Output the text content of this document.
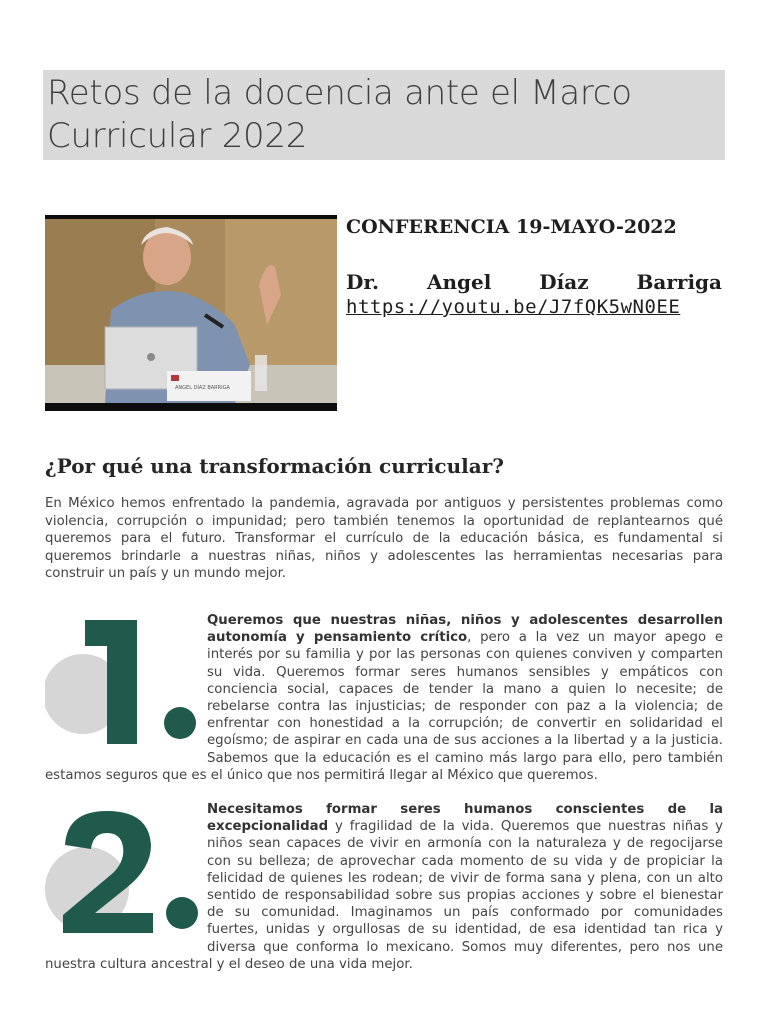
Retos de la docencia ante el Marco Curricular 2022
ANGEL DÍAZ BARRIGA
CONFERENCIA 19-MAYO-2022
Dr. Angel Díaz Barriga
https://youtu.be/J7fQK5wN0EE
¿Por qué una transformación curricular?

En México hemos enfrentado la pandemia, agravada por antiguos y persistentes problemas como violencia, corrupción o impunidad; pero también tenemos la oportunidad de replantearnos qué queremos para el futuro. Transformar el currículo de la educación básica, es fundamental si queremos brindarle a nuestras niñas, niños y adolescentes las herramientas necesarias para construir un país y un mundo mejor.

Queremos que nuestras niñas, niños y adolescentes desarrollen autonomía y pensamiento crítico, pero a la vez un mayor apego e interés por su familia y por las personas con quienes conviven y comparten su vida. Queremos formar seres humanos sensibles y empáticos con conciencia social, capaces de tender la mano a quien lo necesite; de rebelarse contra las injusticias; de responder con paz a la violencia; de enfrentar con honestidad a la corrupción; de convertir en solidaridad el egoísmo; de aspirar en cada una de sus acciones a la libertad y a la justicia. Sabemos que la educación es el camino más largo para ello, pero también estamos seguros que es el único que nos permitirá llegar al México que queremos.
Necesitamos formar seres humanos conscientes de la excepcionalidad y fragilidad de la vida. Queremos que nuestras niñas y niños sean capaces de vivir en armonía con la naturaleza y de regocijarse con su belleza; de aprovechar cada momento de su vida y de propiciar la felicidad de quienes les rodean; de vivir de forma sana y plena, con un alto sentido de responsabilidad sobre sus propias acciones y sobre el bienestar de su comunidad. Imaginamos un país conformado por comunidades fuertes, unidas y orgullosas de su identidad, de esa identidad tan rica y diversa que conforma lo mexicano. Somos muy diferentes, pero nos une nuestra cultura ancestral y el deseo de una vida mejor.
